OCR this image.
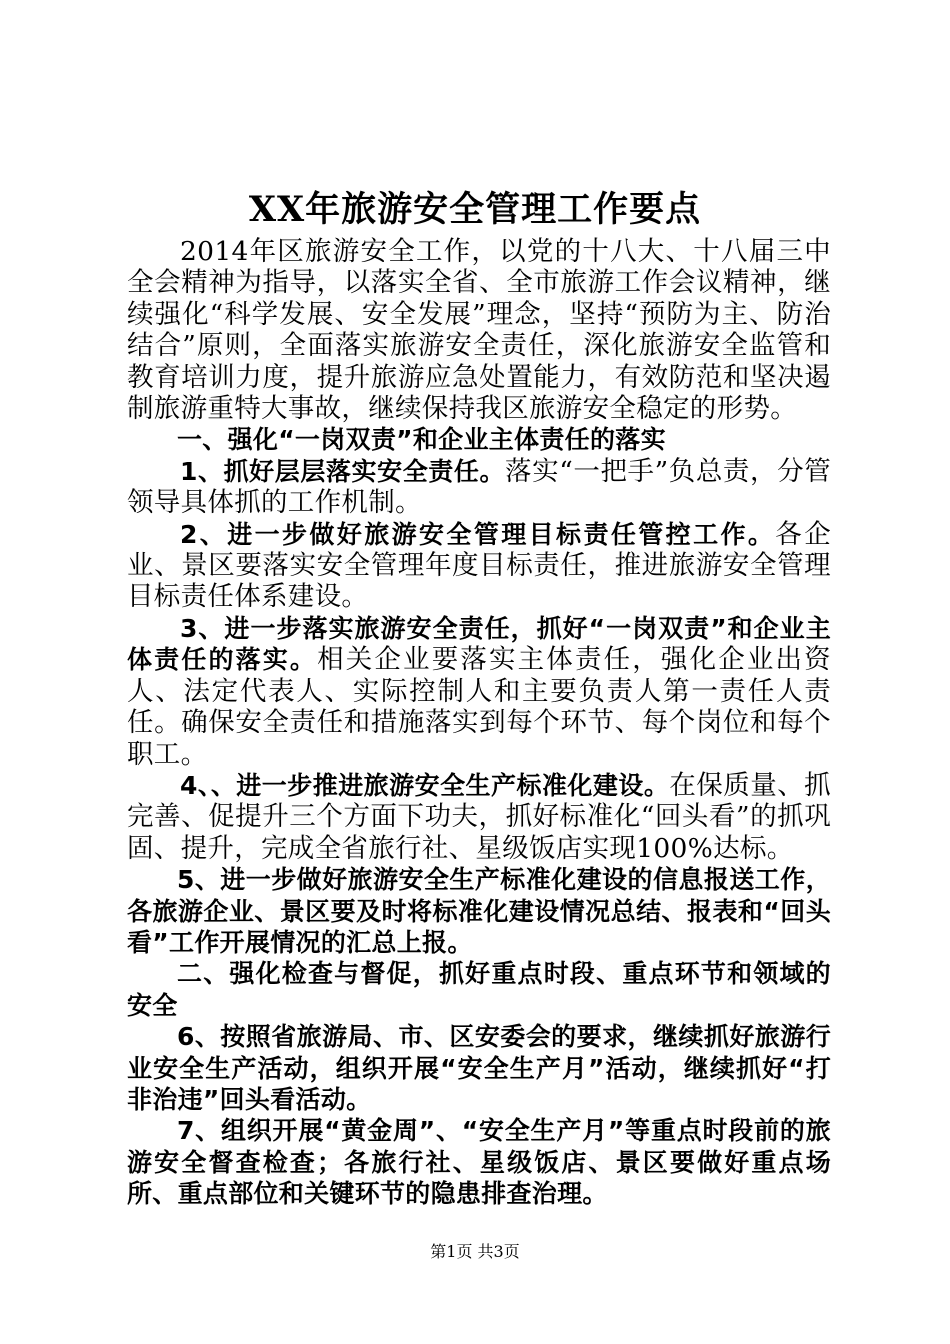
XX年旅游安全管理工作要点

2014年区旅游安全工作，以党的十八大、十八届三中全会精神为指导，以落实全省、全市旅游工作会议精神，继续强化“科学发展、安全发展”理念，坚持“预防为主、防治结合”原则，全面落实旅游安全责任，深化旅游安全监管和教育培训力度，提升旅游应急处置能力，有效防范和坚决遏制旅游重特大事故，继续保持我区旅游安全稳定的形势。

一、强化“一岗双责”和企业主体责任的落实

1、抓好层层落实安全责任。落实“一把手”负总责，分管领导具体抓的工作机制。

2、进一步做好旅游安全管理目标责任管控工作。各企业、景区要落实安全管理年度目标责任，推进旅游安全管理目标责任体系建设。

3、进一步落实旅游安全责任，抓好“一岗双责”和企业主体责任的落实。相关企业要落实主体责任，强化企业出资人、法定代表人、实际控制人和主要负责人第一责任人责任。确保安全责任和措施落实到每个环节、每个岗位和每个职工。

4、、进一步推进旅游安全生产标准化建设。在保质量、抓完善、促提升三个方面下功夫，抓好标准化“回头看”的抓巩固、提升，完成全省旅行社、星级饭店实现100%达标。

5、进一步做好旅游安全生产标准化建设的信息报送工作，各旅游企业、景区要及时将标准化建设情况总结、报表和“回头看”工作开展情况的汇总上报。

二、强化检查与督促，抓好重点时段、重点环节和领域的安全

6、按照省旅游局、市、区安委会的要求，继续抓好旅游行业安全生产活动，组织开展“安全生产月”活动，继续抓好“打非治违”回头看活动。

7、组织开展“黄金周”、“安全生产月”等重点时段前的旅游安全督查检查；各旅行社、星级饭店、景区要做好重点场所、重点部位和关键环节的隐患排查治理。

第1页 共3页
